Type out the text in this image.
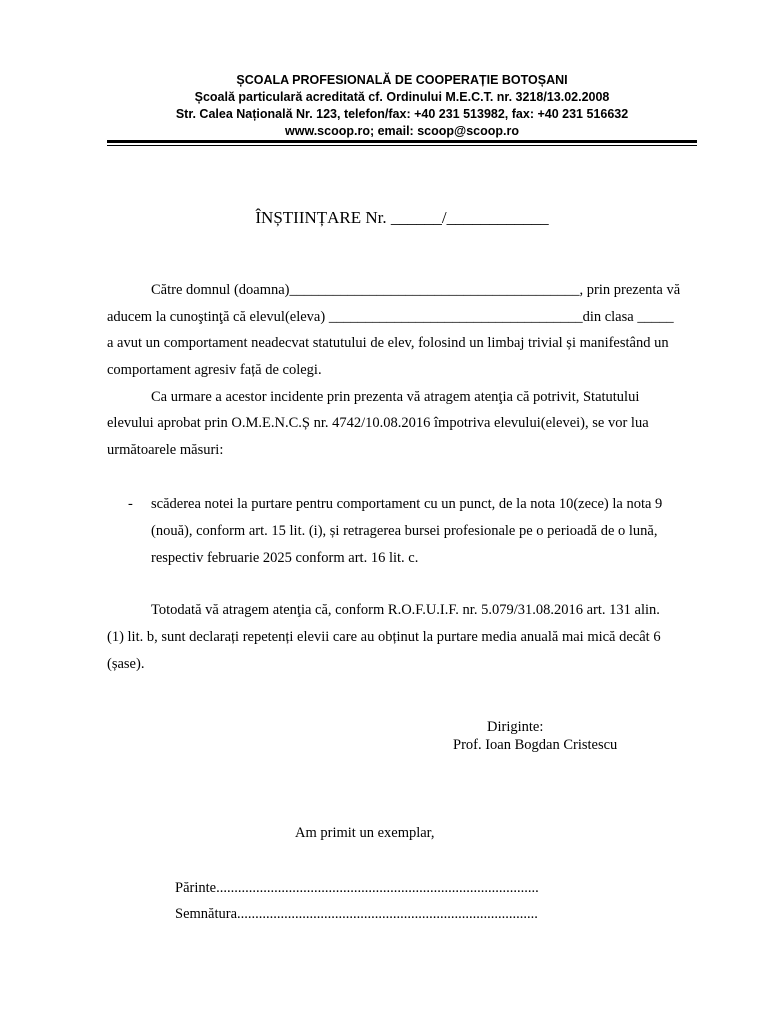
ȘCOALA PROFESIONALĂ DE COOPERAȚIE BOTOȘANI
Școală particulară acreditată cf. Ordinului M.E.C.T. nr. 3218/13.02.2008
Str. Calea Națională Nr. 123, telefon/fax: +40 231 513982, fax: +40 231 516632
www.scoop.ro; email: scoop@scoop.ro
ÎNȘTIINȚARE Nr. ______/____________
Către domnul (doamna)________________________________________, prin prezenta vă
aducem la cunoştinţă că elevul(eleva) ___________________________________din clasa _____
a avut un comportament neadecvat statutului de elev, folosind un limbaj trivial și manifestând un
comportament agresiv față de colegi.
Ca urmare a acestor incidente prin prezenta vă atragem atenţia că potrivit, Statutului
elevului aprobat prin O.M.E.N.C.Ș nr. 4742/10.08.2016 împotriva elevului(elevei), se vor lua
următoarele măsuri:
- scăderea notei la purtare pentru comportament cu un punct, de la nota 10(zece) la nota 9
(nouă), conform art. 15 lit. (i), și retragerea bursei profesionale pe o perioadă de o lună,
respectiv februarie 2025 conform art. 16 lit. c.
Totodată vă atragem atenţia că, conform R.O.F.U.I.F. nr. 5.079/31.08.2016 art. 131 alin.
(1) lit. b, sunt declarați repetenți elevii care au obținut la purtare media anuală mai mică decât 6
(șase).
Diriginte:
Prof. Ioan Bogdan Cristescu
Am primit un exemplar,
Părinte.........................................................................................
Semnătura...................................................................................
